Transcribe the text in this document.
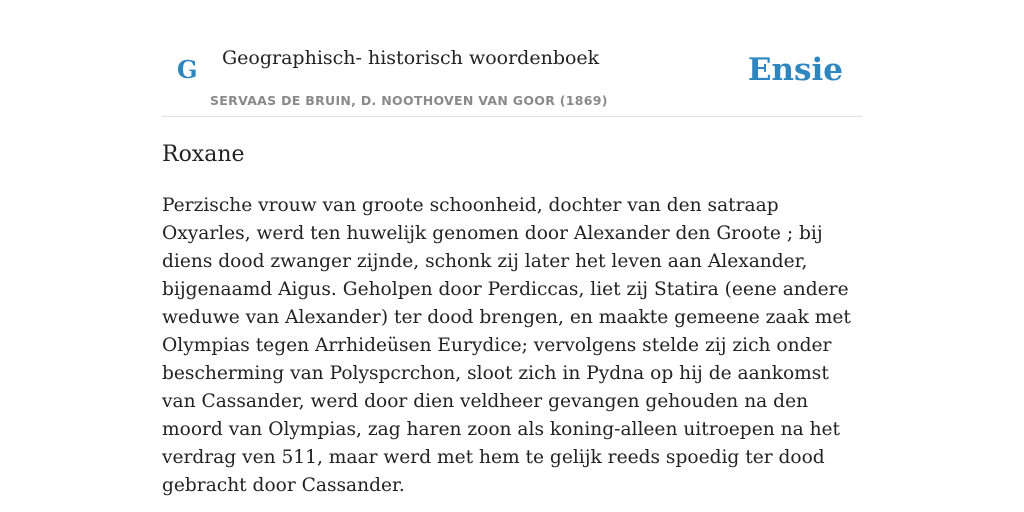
G Geographisch- historisch woordenboek
SERVAAS DE BRUIN, D. NOOTHOVEN VAN GOOR (1869)
Ensie
Roxane

Perzische vrouw van groote schoonheid, dochter van den satraap Oxyarles, werd ten huwelijk genomen door Alexander den Groote ; bij diens dood zwanger zijnde, schonk zij later het leven aan Alexander, bijgenaamd Aigus. Geholpen door Perdiccas, liet zij Statira (eene andere weduwe van Alexander) ter dood brengen, en maakte gemeene zaak met Olympias tegen Arrhideüsen Eurydice; vervolgens stelde zij zich onder bescherming van Polyspcrchon, sloot zich in Pydna op hij de aankomst van Cassander, werd door dien veldheer gevangen gehouden na den moord van Olympias, zag haren zoon als koning-alleen uitroepen na het verdrag ven 511, maar werd met hem te gelijk reeds spoedig ter dood gebracht door Cassander.
